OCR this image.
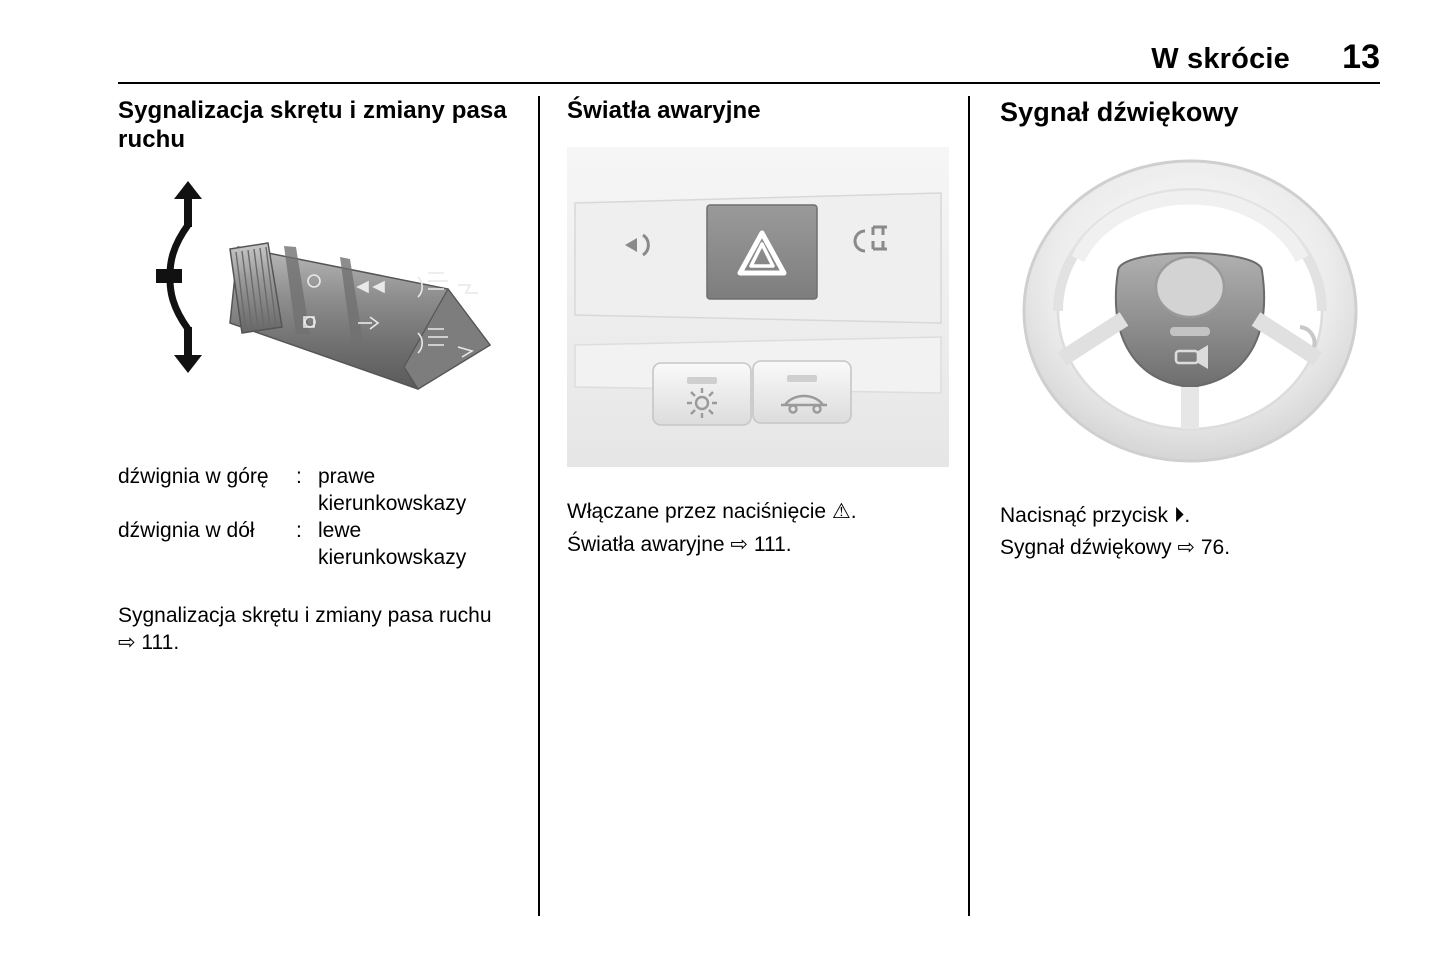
W skrócie 13
Sygnalizacja skrętu i zmiany pasa ruchu
dźwignia w górę	: prawe kierunkowskazy
dźwignia w dół	: lewe kierunkowskazy
Sygnalizacja skrętu i zmiany pasa ruchu ⇨ 111.
Światła awaryjne
Włączane przez naciśnięcie ⚠.
Światła awaryjne ⇨ 111.
Sygnał dźwiękowy
Nacisnąć przycisk ⏵.
Sygnał dźwiękowy ⇨ 76.
